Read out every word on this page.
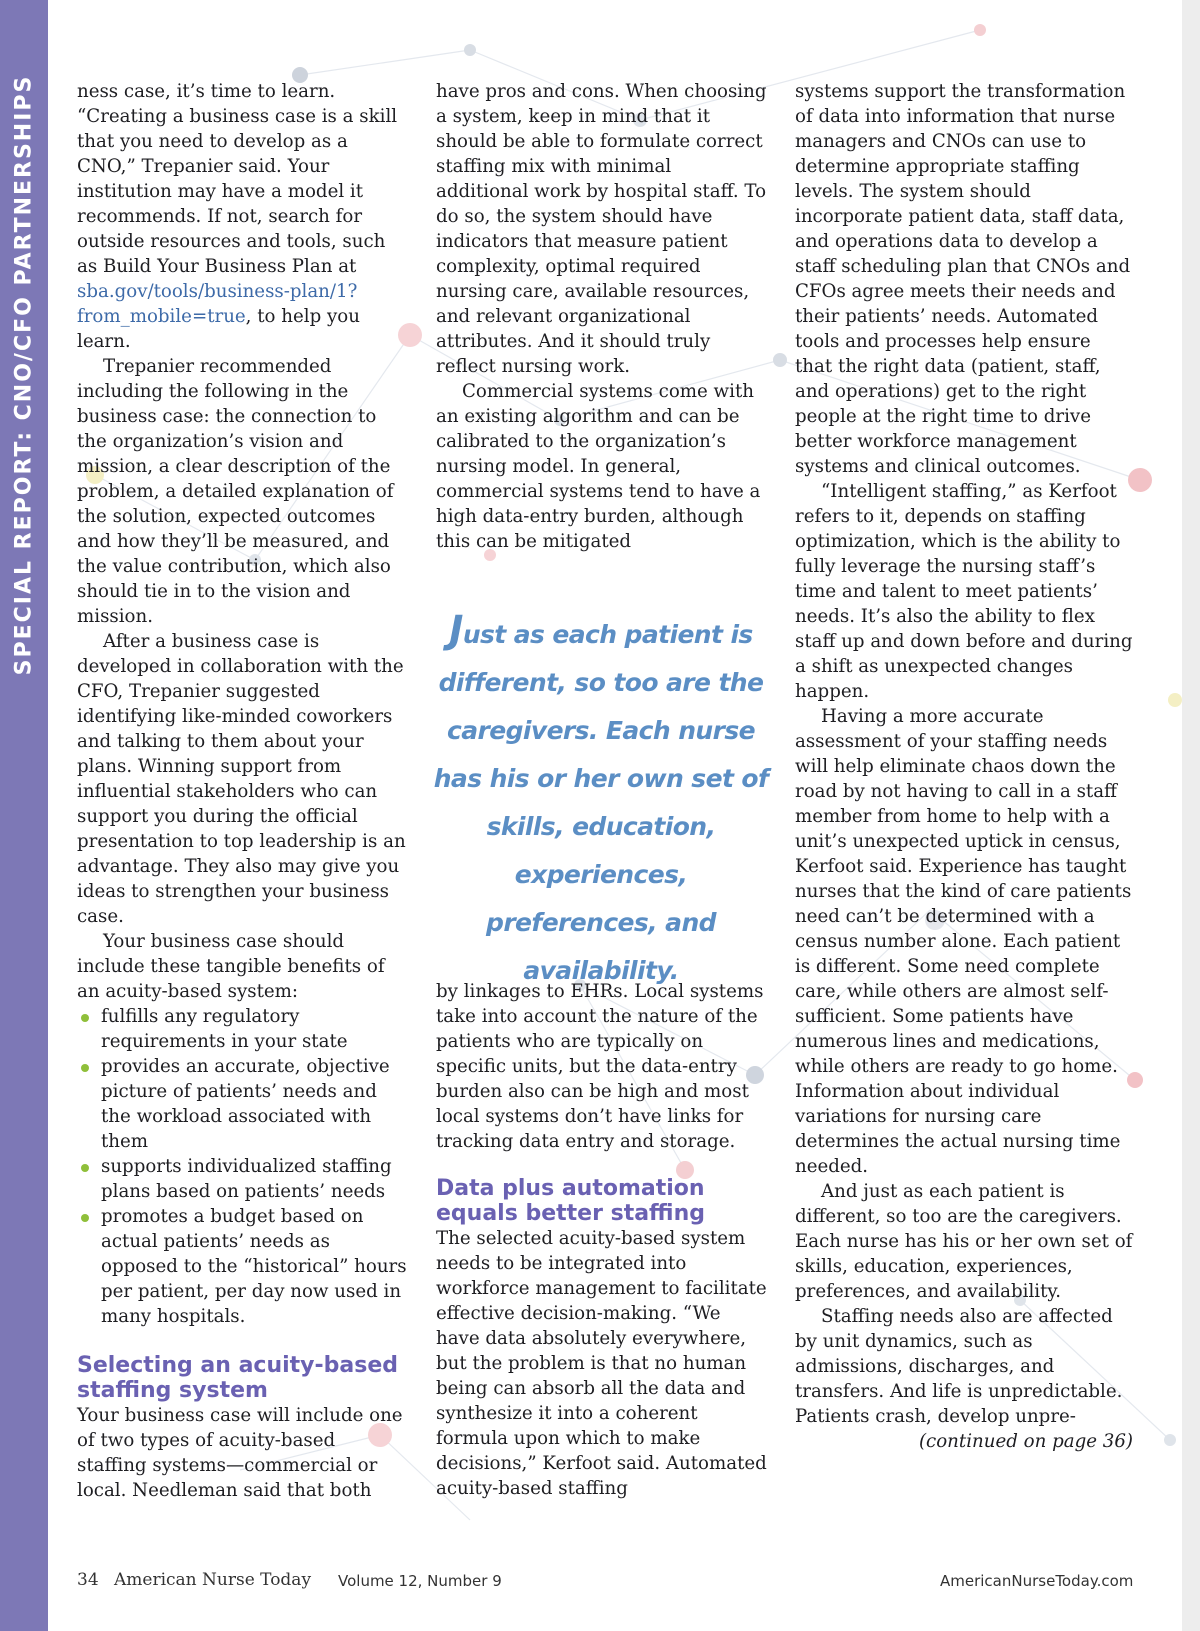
SPECIAL REPORT: CNO/CFO PARTNERSHIPS ness case, it’s time to learn. “Creating a business case is a skill that you need to develop as a CNO,” Trepanier said. Your institution may have a model it recommends. If not, search for outside resources and tools, such as Build Your Business Plan at sba.gov/tools/business-plan/1?from_mobile=true, to help you learn.

Trepanier recommended including the following in the business case: the connection to the organization’s vision and mission, a clear description of the problem, a detailed explanation of the solution, expected outcomes and how they’ll be measured, and the value contribution, which also should tie in to the vision and mission.

After a business case is developed in collaboration with the CFO, Trepanier suggested identifying like-minded coworkers and talking to them about your plans. Winning support from influential stakeholders who can support you during the official presentation to top leadership is an advantage. They also may give you ideas to strengthen your business case.

Your business case should include these tangible benefits of an acuity-based system:

fulfills any regulatory requirements in your state
provides an accurate, objective picture of patients’ needs and the workload associated with them
supports individualized staffing plans based on patients’ needs
promotes a budget based on actual patients’ needs as opposed to the “historical” hours per patient, per day now used in many hospitals.
Selecting an acuity-based staffing system

Your business case will include one of two types of acuity-based staffing systems—commercial or local. Needleman said that both

have pros and cons. When choosing a system, keep in mind that it should be able to formulate correct staffing mix with minimal additional work by hospital staff. To do so, the system should have indicators that measure patient complexity, optimal required nursing care, available resources, and relevant organizational attributes. And it should truly reflect nursing work.

Commercial systems come with an existing algorithm and can be calibrated to the organization’s nursing model. In general, commercial systems tend to have a high data-entry burden, although this can be mitigated

Just as each patient is different, so too are the caregivers. Each nurse has his or her own set of skills, education, experiences, preferences, and availability.

by linkages to EHRs. Local systems take into account the nature of the patients who are typically on specific units, but the data-entry burden also can be high and most local systems don’t have links for tracking data entry and storage.

Data plus automation equals better staffing

The selected acuity-based system needs to be integrated into workforce management to facilitate effective decision-making. “We have data absolutely everywhere, but the problem is that no human being can absorb all the data and synthesize it into a coherent formula upon which to make decisions,” Kerfoot said. Automated acuity-based staffing

systems support the transformation of data into information that nurse managers and CNOs can use to determine appropriate staffing levels. The system should incorporate patient data, staff data, and operations data to develop a staff scheduling plan that CNOs and CFOs agree meets their needs and their patients’ needs. Automated tools and processes help ensure that the right data (patient, staff, and operations) get to the right people at the right time to drive better workforce management systems and clinical outcomes.

“Intelligent staffing,” as Kerfoot refers to it, depends on staffing optimization, which is the ability to fully leverage the nursing staff’s time and talent to meet patients’ needs. It’s also the ability to flex staff up and down before and during a shift as unexpected changes happen.

Having a more accurate assessment of your staffing needs will help eliminate chaos down the road by not having to call in a staff member from home to help with a unit’s unexpected uptick in census, Kerfoot said. Experience has taught nurses that the kind of care patients need can’t be determined with a census number alone. Each patient is different. Some need complete care, while others are almost self-sufficient. Some patients have numerous lines and medications, while others are ready to go home. Information about individual variations for nursing care determines the actual nursing time needed.

And just as each patient is different, so too are the caregivers. Each nurse has his or her own set of skills, education, experiences, preferences, and availability.

Staffing needs also are affected by unit dynamics, such as admissions, discharges, and transfers. And life is unpredictable. Patients crash, develop unpre-

(continued on page 36)
34 American Nurse Today Volume 12, Number 9	AmericanNurseToday.com
